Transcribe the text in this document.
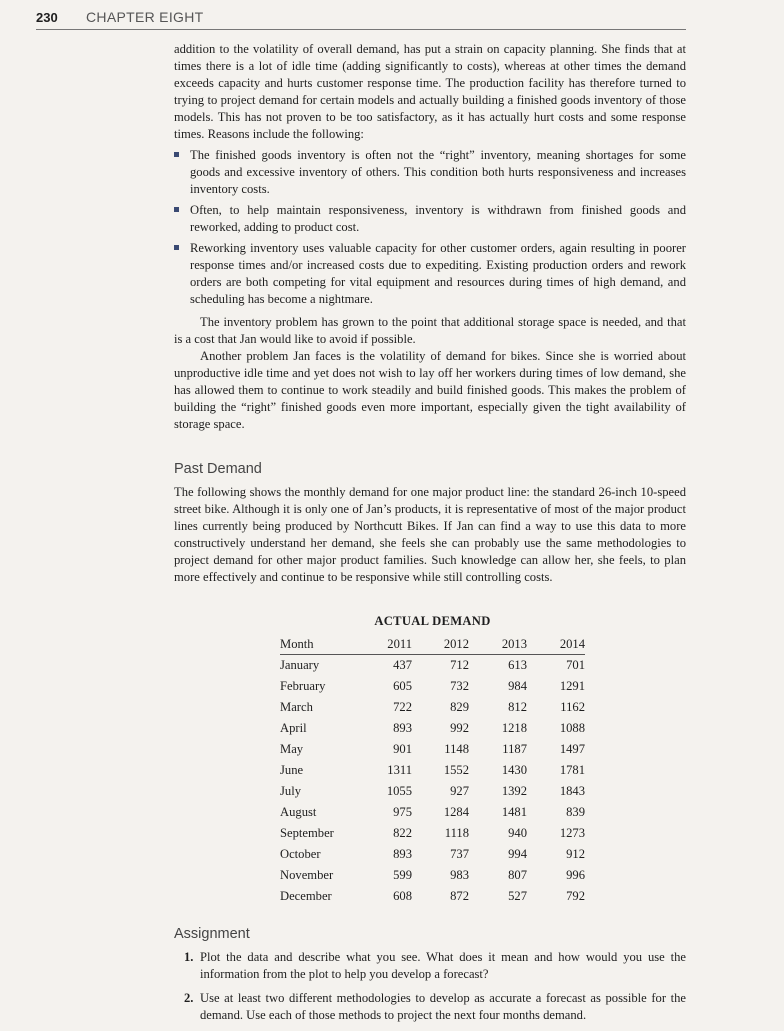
230 CHAPTER EIGHT

addition to the volatility of overall demand, has put a strain on capacity planning. She finds that at times there is a lot of idle time (adding significantly to costs), whereas at other times the demand exceeds capacity and hurts customer response time. The production facility has therefore turned to trying to project demand for certain models and actually building a finished goods inventory of those models. This has not proven to be too satisfactory, as it has actually hurt costs and some response times. Reasons include the following:

The finished goods inventory is often not the “right” inventory, meaning shortages for some goods and excessive inventory of others. This condition both hurts responsiveness and increases inventory costs.
Often, to help maintain responsiveness, inventory is withdrawn from finished goods and reworked, adding to product cost.
Reworking inventory uses valuable capacity for other customer orders, again resulting in poorer response times and/or increased costs due to expediting. Existing production orders and rework orders are both competing for vital equipment and resources during times of high demand, and scheduling has become a nightmare.

The inventory problem has grown to the point that additional storage space is needed, and that is a cost that Jan would like to avoid if possible.

Another problem Jan faces is the volatility of demand for bikes. Since she is worried about unproductive idle time and yet does not wish to lay off her workers during times of low demand, she has allowed them to continue to work steadily and build finished goods. This makes the problem of building the “right” finished goods even more important, especially given the tight availability of storage space.

Past Demand

The following shows the monthly demand for one major product line: the standard 26-inch 10-speed street bike. Although it is only one of Jan’s products, it is representative of most of the major product lines currently being produced by Northcutt Bikes. If Jan can find a way to use this data to more constructively understand her demand, she feels she can probably use the same methodologies to project demand for other major product families. Such knowledge can allow her, she feels, to plan more effectively and continue to be responsive while still controlling costs.

ACTUAL DEMAND
Month	2011	2012	2013	2014
January	437	712	613	701
February	605	732	984	1291
March	722	829	812	1162
April	893	992	1218	1088
May	901	1148	1187	1497
June	1311	1552	1430	1781
July	1055	927	1392	1843
August	975	1284	1481	839
September	822	1118	940	1273
October	893	737	994	912
November	599	983	807	996
December	608	872	527	792
Assignment
1. Plot the data and describe what you see. What does it mean and how would you use the information from the plot to help you develop a forecast?
2. Use at least two different methodologies to develop as accurate a forecast as possible for the demand. Use each of those methods to project the next four months demand.
